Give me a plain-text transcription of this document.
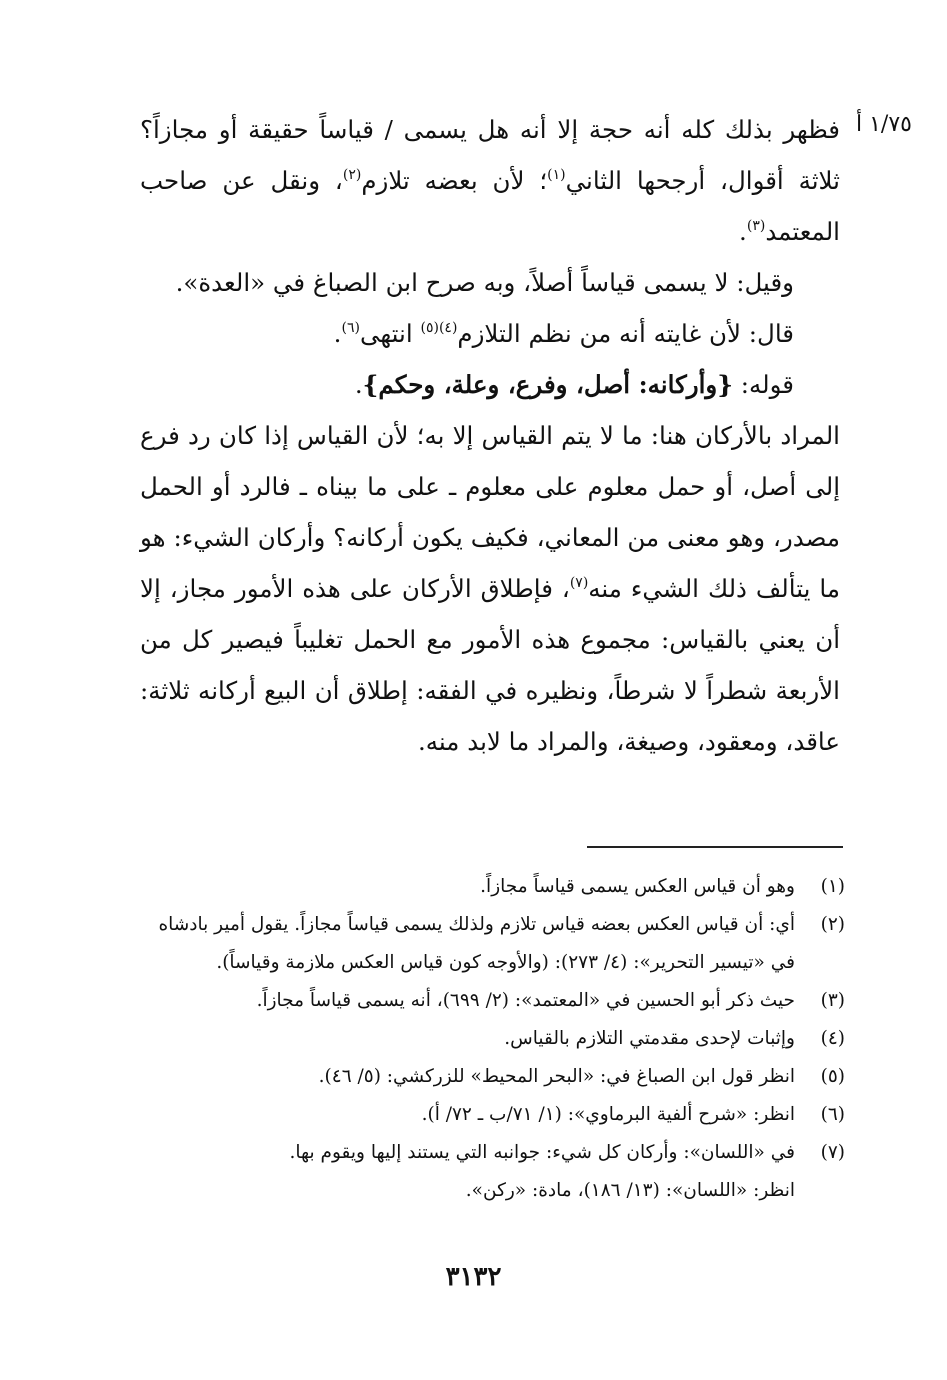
١/٧٥ أ

فظهر بذلك كله أنه حجة إلا أنه هل يسمى / قياساً حقيقة أو مجازاً؟ ثلاثة أقوال، أرجحها الثاني$^{(١)}$؛ لأن بعضه تلازم$^{(٢)}$، ونقل عن صاحب المعتمد$^{(٣)}$.

وقيل: لا يسمى قياساً أصلاً، وبه صرح ابن الصباغ في «العدة».

قال: لأن غايته أنه من نظم التلازم$^{(٤)(٥)}$ انتهى$^{(٦)}$.

قوله: {وأركانه: أصل، وفرع، وعلة، وحكم}.

المراد بالأركان هنا: ما لا يتم القياس إلا به؛ لأن القياس إذا كان رد فرع إلى أصل، أو حمل معلوم على معلوم ـ على ما بيناه ـ فالرد أو الحمل مصدر، وهو معنى من المعاني، فكيف يكون أركانه؟ وأركان الشيء: هو ما يتألف ذلك الشيء منه$^{(٧)}$، فإطلاق الأركان على هذه الأمور مجاز، إلا أن يعني بالقياس: مجموع هذه الأمور مع الحمل تغليباً فيصير كل من الأربعة شطراً لا شرطاً، ونظيره في الفقه: إطلاق أن البيع أركانه ثلاثة: عاقد، ومعقود، وصيغة، والمراد ما لابد منه.

(١)
وهو أن قياس العكس يسمى قياساً مجازاً.
(٢)
أي: أن قياس العكس بعضه قياس تلازم ولذلك يسمى قياساً مجازاً. يقول أمير بادشاه
في «تيسير التحرير»: (٤/ ٢٧٣): (والأوجه كون قياس العكس ملازمة وقياساً).
(٣)
حيث ذكر أبو الحسين في «المعتمد»: (٢/ ٦٩٩)، أنه يسمى قياساً مجازاً.
(٤)
وإثبات لإحدى مقدمتي التلازم بالقياس.
(٥)
انظر قول ابن الصباغ في: «البحر المحيط» للزركشي: (٥/ ٤٦).
(٦)
انظر: «شرح ألفية البرماوي»: (١/ ٧١/ب ـ ٧٢/ أ).
(٧)
في «اللسان»: وأركان كل شيء: جوانبه التي يستند إليها ويقوم بها.
انظر: «اللسان»: (١٣/ ١٨٦)، مادة: «ركن».
٣١٣٢
